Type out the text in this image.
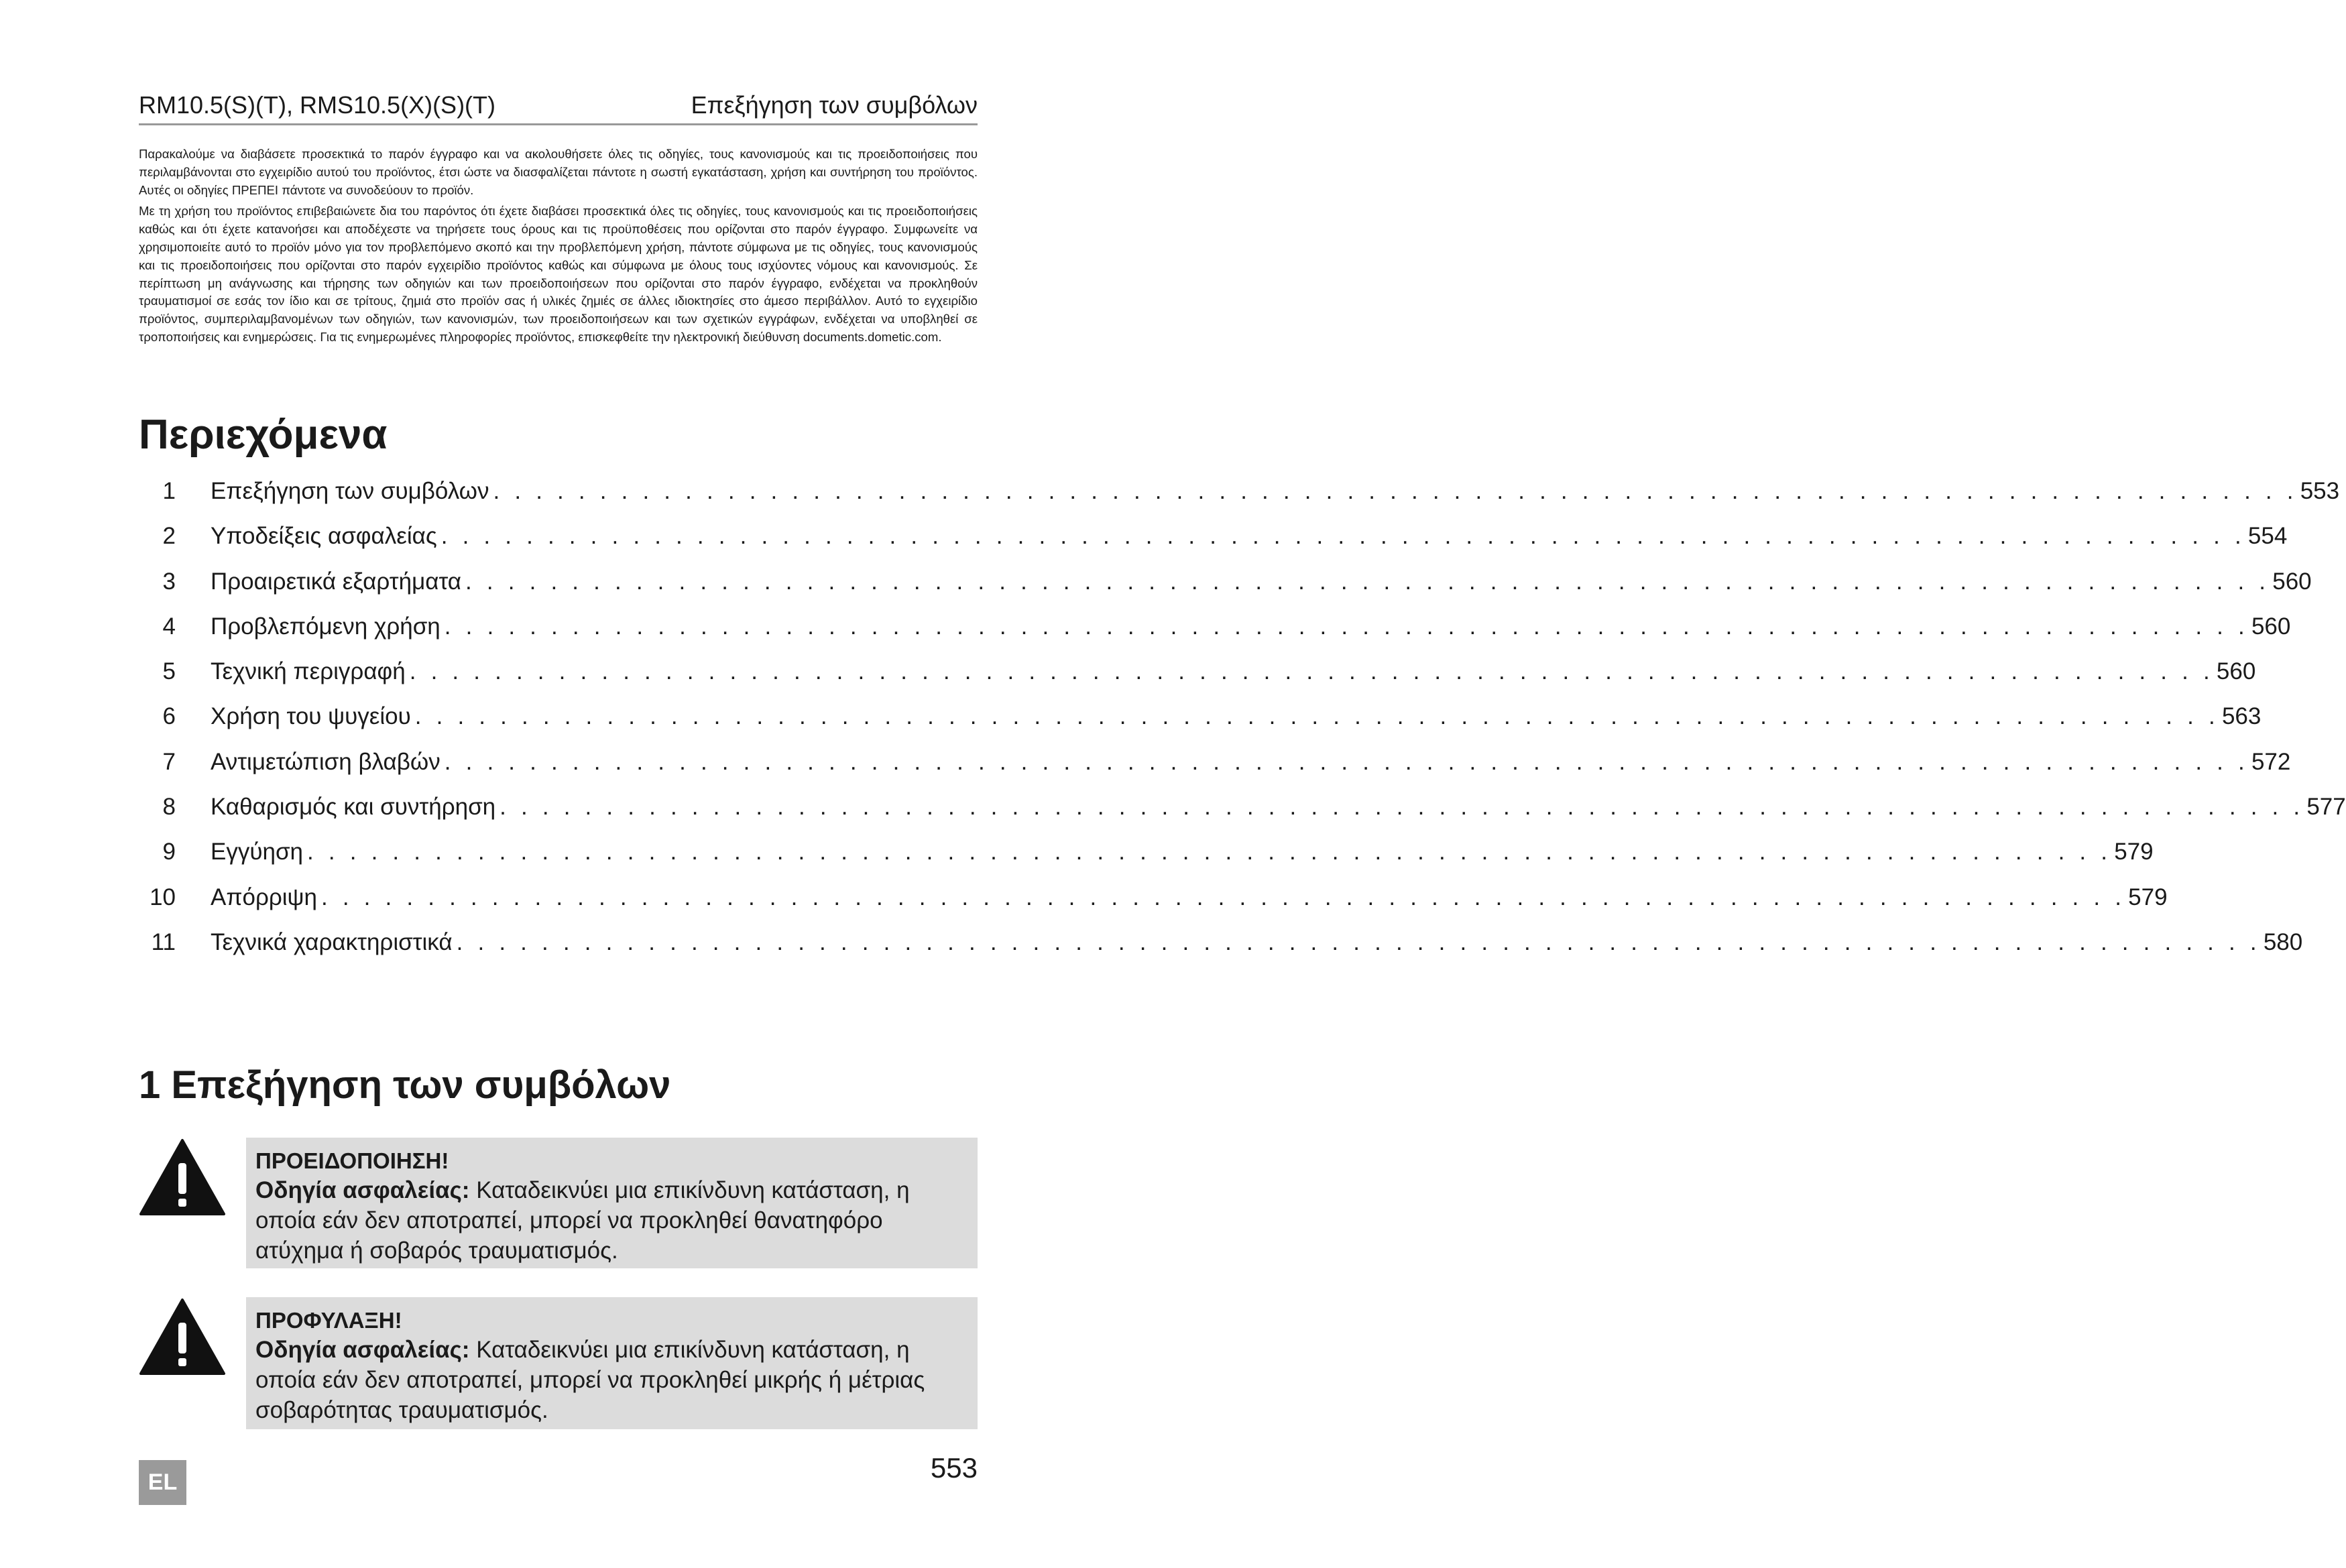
RM10.5(S)(T), RMS10.5(X)(S)(T)	Επεξήγηση των συμβόλων

Παρακαλούμε να διαβάσετε προσεκτικά το παρόν έγγραφο και να ακολουθήσετε όλες τις οδηγίες, τους κανονισμούς και τις προειδοποιήσεις που περιλαμβάνονται στο εγχειρίδιο αυτού του προϊόντος, έτσι ώστε να διασφαλίζεται πάντοτε η σωστή εγκατάσταση, χρήση και συντήρηση του προϊόντος. Αυτές οι οδηγίες ΠΡΕΠΕΙ πάντοτε να συνοδεύουν το προϊόν.

Με τη χρήση του προϊόντος επιβεβαιώνετε δια του παρόντος ότι έχετε διαβάσει προσεκτικά όλες τις οδηγίες, τους κανονισμούς και τις προειδοποιήσεις καθώς και ότι έχετε κατανοήσει και αποδέχεστε να τηρήσετε τους όρους και τις προϋποθέσεις που ορίζονται στο παρόν έγγραφο. Συμφωνείτε να χρησιμοποιείτε αυτό το προϊόν μόνο για τον προβλεπόμενο σκοπό και την προβλεπόμενη χρήση, πάντοτε σύμφωνα με τις οδηγίες, τους κανονισμούς και τις προειδοποιήσεις που ορίζονται στο παρόν εγχειρίδιο προϊόντος καθώς και σύμφωνα με όλους τους ισχύοντες νόμους και κανονισμούς. Σε περίπτωση μη ανάγνωσης και τήρησης των οδηγιών και των προειδοποιήσεων που ορίζονται στο παρόν έγγραφο, ενδέχεται να προκληθούν τραυματισμοί σε εσάς τον ίδιο και σε τρίτους, ζημιά στο προϊόν σας ή υλικές ζημιές σε άλλες ιδιοκτησίες στο άμεσο περιβάλλον. Αυτό το εγχειρίδιο προϊόντος, συμπεριλαμβανομένων των οδηγιών, των κανονισμών, των προειδοποιήσεων και των σχετικών εγγράφων, ενδέχεται να υποβληθεί σε τροποποιήσεις και ενημερώσεις. Για τις ενημερωμένες πληροφορίες προϊόντος, επισκεφθείτε την ηλεκτρονική διεύθυνση documents.dometic.com.

Περιεχόμενα
1 Επεξήγηση των συμβόλων . . . . . . . . . . . . . . . . . . . . . . . . . . . . . . . . . . . . . . . . . . . . . . . . . . . . . . . . . . . . . . . . . . . . . . . . . . . . . . . . . . . . . 553
2 Υποδείξεις ασφαλείας . . . . . . . . . . . . . . . . . . . . . . . . . . . . . . . . . . . . . . . . . . . . . . . . . . . . . . . . . . . . . . . . . . . . . . . . . . . . . . . . . . . . . 554
3 Προαιρετικά εξαρτήματα . . . . . . . . . . . . . . . . . . . . . . . . . . . . . . . . . . . . . . . . . . . . . . . . . . . . . . . . . . . . . . . . . . . . . . . . . . . . . . . . . . . . . 560
4 Προβλεπόμενη χρήση . . . . . . . . . . . . . . . . . . . . . . . . . . . . . . . . . . . . . . . . . . . . . . . . . . . . . . . . . . . . . . . . . . . . . . . . . . . . . . . . . . . . . 560
5 Τεχνική περιγραφή . . . . . . . . . . . . . . . . . . . . . . . . . . . . . . . . . . . . . . . . . . . . . . . . . . . . . . . . . . . . . . . . . . . . . . . . . . . . . . . . . . . . . 560
6 Χρήση του ψυγείου . . . . . . . . . . . . . . . . . . . . . . . . . . . . . . . . . . . . . . . . . . . . . . . . . . . . . . . . . . . . . . . . . . . . . . . . . . . . . . . . . . . . . 563
7 Αντιμετώπιση βλαβών . . . . . . . . . . . . . . . . . . . . . . . . . . . . . . . . . . . . . . . . . . . . . . . . . . . . . . . . . . . . . . . . . . . . . . . . . . . . . . . . . . . . . 572
8 Καθαρισμός και συντήρηση . . . . . . . . . . . . . . . . . . . . . . . . . . . . . . . . . . . . . . . . . . . . . . . . . . . . . . . . . . . . . . . . . . . . . . . . . . . . . . . . . . . . . 577
9 Εγγύηση . . . . . . . . . . . . . . . . . . . . . . . . . . . . . . . . . . . . . . . . . . . . . . . . . . . . . . . . . . . . . . . . . . . . . . . . . . . . . . . . . . . . . 579
10 Απόρριψη . . . . . . . . . . . . . . . . . . . . . . . . . . . . . . . . . . . . . . . . . . . . . . . . . . . . . . . . . . . . . . . . . . . . . . . . . . . . . . . . . . . . . 579
11 Τεχνικά χαρακτηριστικά . . . . . . . . . . . . . . . . . . . . . . . . . . . . . . . . . . . . . . . . . . . . . . . . . . . . . . . . . . . . . . . . . . . . . . . . . . . . . . . . . . . . . 580
1 Επεξήγηση των συμβόλων
ΠΡΟΕΙΔΟΠΟΙΗΣΗ!
Οδηγία ασφαλείας: Καταδεικνύει μια επικίνδυνη κατάσταση, η οποία εάν δεν αποτραπεί, μπορεί να προκληθεί θανατηφόρο ατύχημα ή σοβαρός τραυματισμός.
ΠΡΟΦΥΛΑΞΗ!
Οδηγία ασφαλείας: Καταδεικνύει μια επικίνδυνη κατάσταση, η οποία εάν δεν αποτραπεί, μπορεί να προκληθεί μικρής ή μέτριας σοβαρότητας τραυματισμός.
EL	553
